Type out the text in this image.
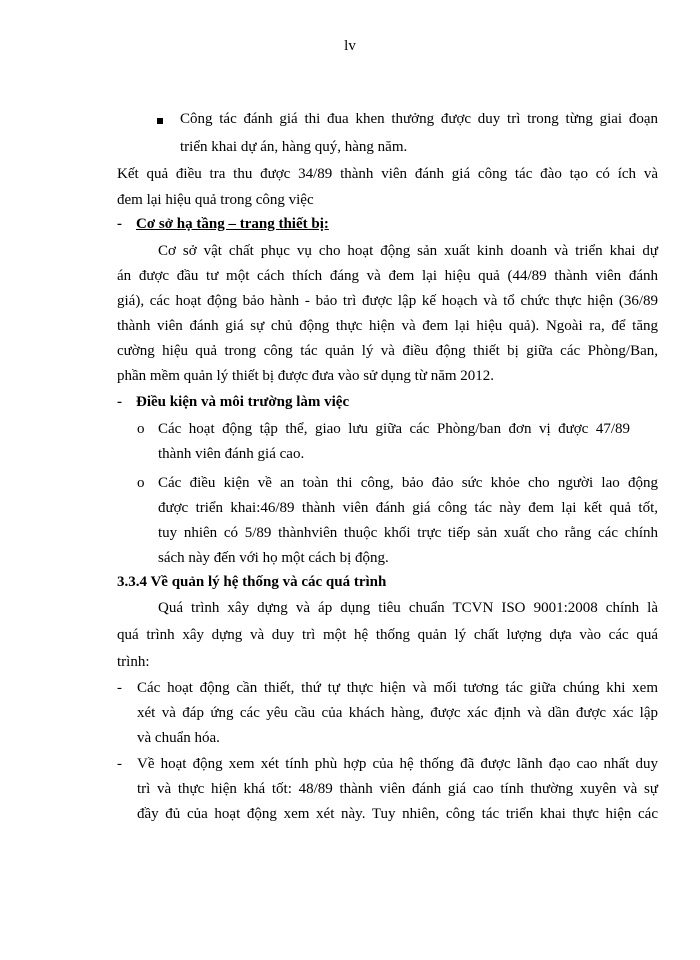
lv
Công tác đánh giá thi đua khen thưởng được duy trì trong từng giai đoạn
triển khai dự án, hàng quý, hàng năm.
Kết quả điều tra thu được 34/89 thành viên đánh giá công tác đào tạo có ích và
đem lại hiệu quả trong công việc
- Cơ sở hạ tầng – trang thiết bị:
Cơ sở vật chất phục vụ cho hoạt động sản xuất kinh doanh và triển khai dự
án được đầu tư một cách thích đáng và đem lại hiệu quả (44/89 thành viên đánh
giá), các hoạt động bảo hành - bảo trì được lập kế hoạch và tổ chức thực hiện (36/89
thành viên đánh giá sự chủ động thực hiện và đem lại hiệu quả). Ngoài ra, để tăng
cường hiệu quả trong công tác quản lý và điều động thiết bị giữa các Phòng/Ban,
phần mềm quản lý thiết bị được đưa vào sử dụng từ năm 2012.
- Điều kiện và môi trường làm việc
o Các hoạt động tập thể, giao lưu giữa các Phòng/ban đơn vị được 47/89
thành viên đánh giá cao.
o Các điều kiện về an toàn thi công, bảo đảo sức khỏe cho người lao động
được triển khai:46/89 thành viên đánh giá công tác này đem lại kết quả tốt,
tuy nhiên có 5/89 thànhviên thuộc khối trực tiếp sản xuất cho rằng các chính
sách này đến với họ một cách bị động.
3.3.4 Về quản lý hệ thống và các quá trình
Quá trình xây dựng và áp dụng tiêu chuẩn TCVN ISO 9001:2008 chính là
quá trình xây dựng và duy trì một hệ thống quản lý chất lượng dựa vào các quá
trình:
- Các hoạt động cần thiết, thứ tự thực hiện và mối tương tác giữa chúng khi xem
xét và đáp ứng các yêu cầu của khách hàng, được xác định và dần được xác lập
và chuẩn hóa.
- Về hoạt động xem xét tính phù hợp của hệ thống đã được lãnh đạo cao nhất duy
trì và thực hiện khá tốt: 48/89 thành viên đánh giá cao tính thường xuyên và sự
đầy đủ của hoạt động xem xét này. Tuy nhiên, công tác triển khai thực hiện các
